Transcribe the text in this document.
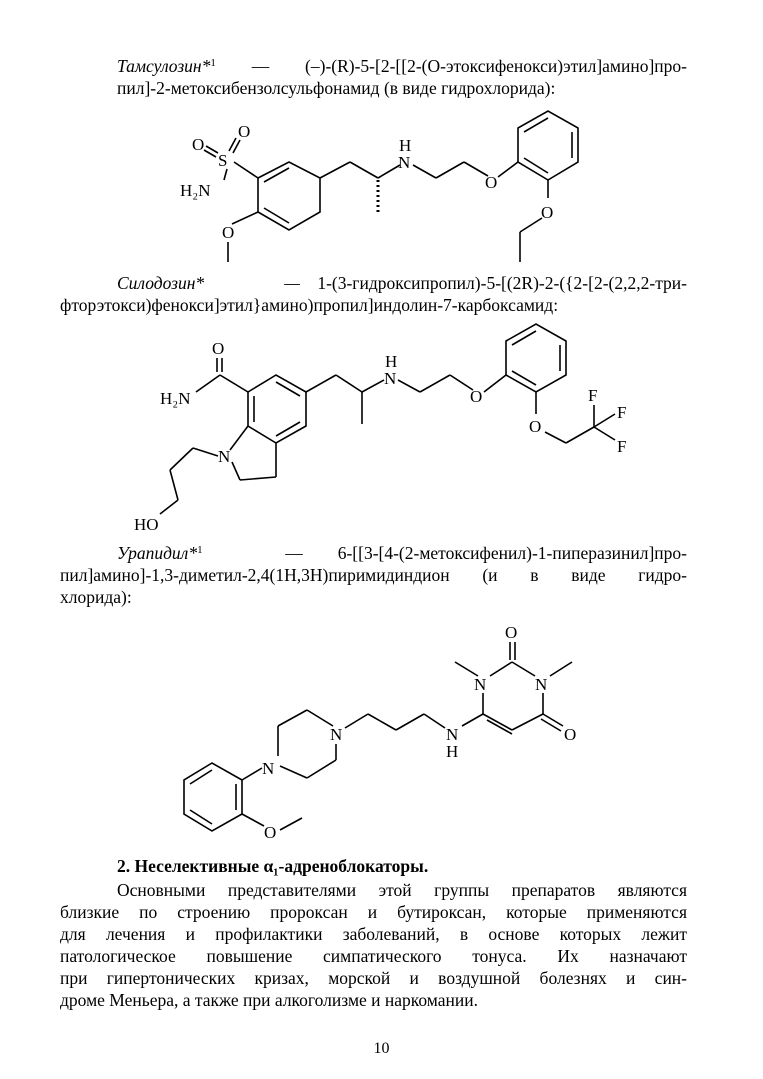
Тамсулозин*$^1$ — (–)-(R)-5-[2-[[2-(О-этоксифенокси)этил]амино]про-
пил]-2-метоксибензолсульфонамид (в виде гидрохлорида):
O
O
S
H₂N
O
N
H
O
O
Силодозин* —  1-(3-гидроксипропил)-5-[(2R)-2-({2-[2-(2,2,2-три-
фторэтокси)фенокси]этил}амино)пропил]индолин-7-карбоксамид:
O
H₂N
N
HO
N
H
O
O
F
F
F
Урапидил*$^1$ —   6-[[3-[4-(2-метоксифенил)-1-пиперазинил]про-
пил]амино]-1,3-диметил-2,4(1H,3H)пиримидиндион (и в виде гидро-
хлорида):
O
N	N
O
N
H
N
N
O
2. Неселективные α₁-адреноблокаторы.
Основными представителями этой группы препаратов являются
близкие по строению пророксан и бутироксан, которые применяются
для лечения и профилактики заболеваний, в основе которых лежит
патологическое повышение симпатического тонуса. Их назначают
при гипертонических кризах, морской и воздушной болезнях и син-
дроме Меньера, а также при алкоголизме и наркомании.
10
